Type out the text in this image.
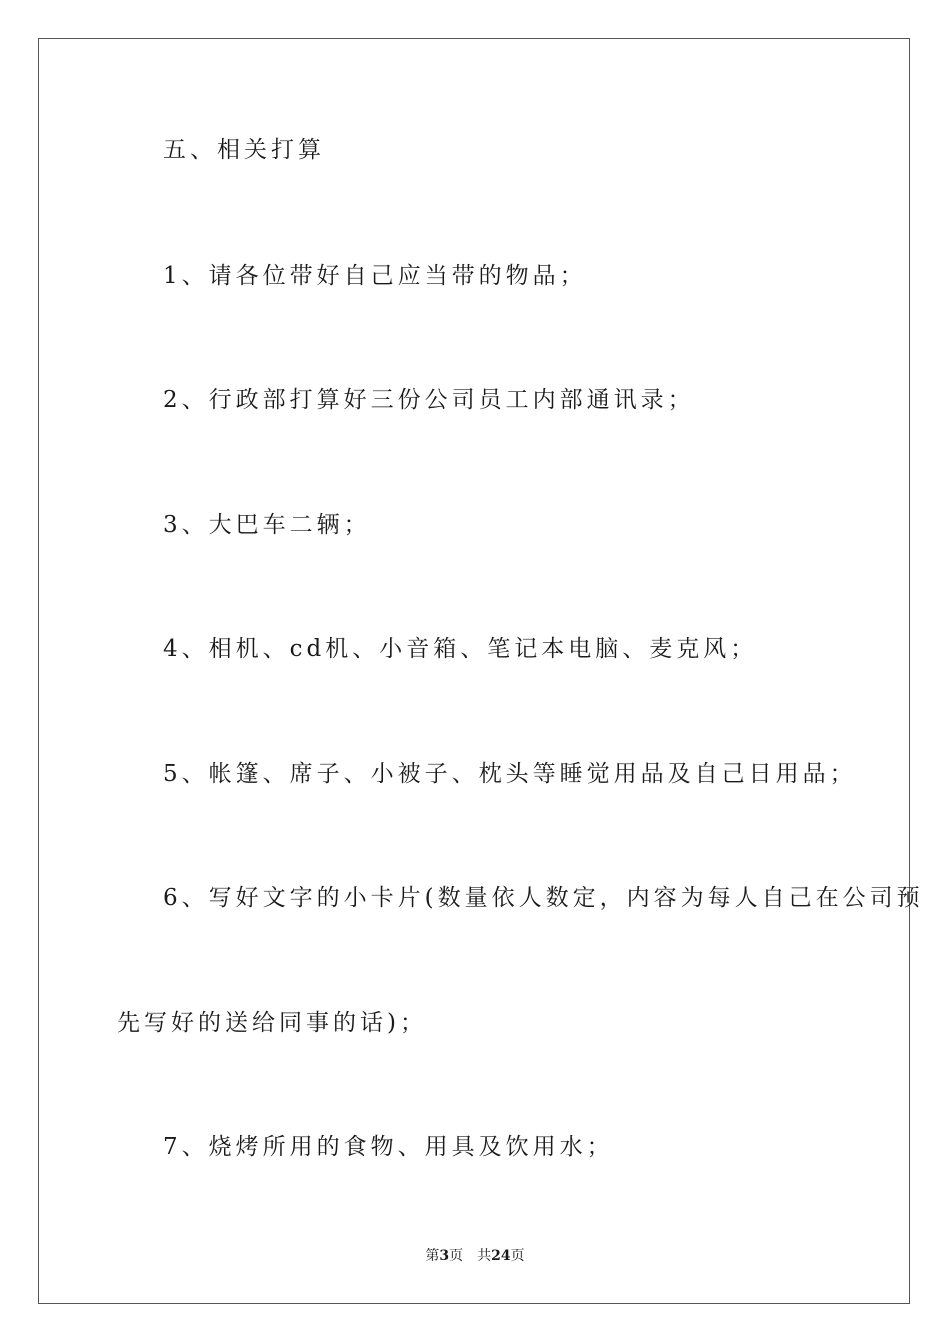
五、相关打算
1、请各位带好自己应当带的物品；
2、行政部打算好三份公司员工内部通讯录；
3、大巴车二辆；
4、相机、cd机、小音箱、笔记本电脑、麦克风；
5、帐篷、席子、小被子、枕头等睡觉用品及自己日用品；
6、写好文字的小卡片(数量依人数定，内容为每人自己在公司预
先写好的送给同事的话)；
7、烧烤所用的食物、用具及饮用水；
第3页 共24页
